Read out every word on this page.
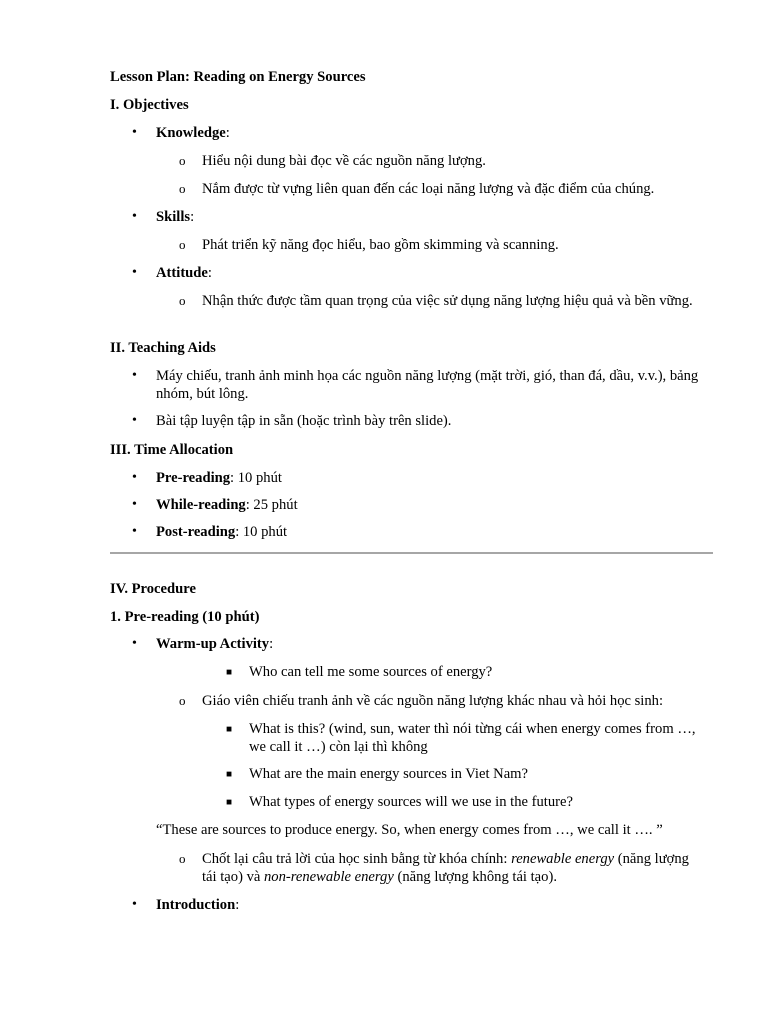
Lesson Plan: Reading on Energy Sources
I. Objectives
• Knowledge:
o Hiểu nội dung bài đọc về các nguồn năng lượng.
o Nắm được từ vựng liên quan đến các loại năng lượng và đặc điểm của chúng.
• Skills:
o Phát triển kỹ năng đọc hiểu, bao gồm skimming và scanning.
• Attitude:
o Nhận thức được tầm quan trọng của việc sử dụng năng lượng hiệu quả và bền vững.
II. Teaching Aids
• Máy chiếu, tranh ảnh minh họa các nguồn năng lượng (mặt trời, gió, than đá, dầu, v.v.), bảng nhóm, bút lông.
• Bài tập luyện tập in sẵn (hoặc trình bày trên slide).
III. Time Allocation
• Pre-reading: 10 phút
• While-reading: 25 phút
• Post-reading: 10 phút
IV. Procedure
1. Pre-reading (10 phút)
• Warm-up Activity:
■ Who can tell me some sources of energy?
o Giáo viên chiếu tranh ảnh về các nguồn năng lượng khác nhau và hỏi học sinh:
■ What is this? (wind, sun, water thì nói từng cái when energy comes from …, we call it …) còn lại thì không
■ What are the main energy sources in Viet Nam?
■ What types of energy sources will we use in the future?
“These are sources to produce energy. So, when energy comes from …, we call it …. ”
o Chốt lại câu trả lời của học sinh bằng từ khóa chính: renewable energy (năng lượng tái tạo) và non-renewable energy (năng lượng không tái tạo).
• Introduction:
